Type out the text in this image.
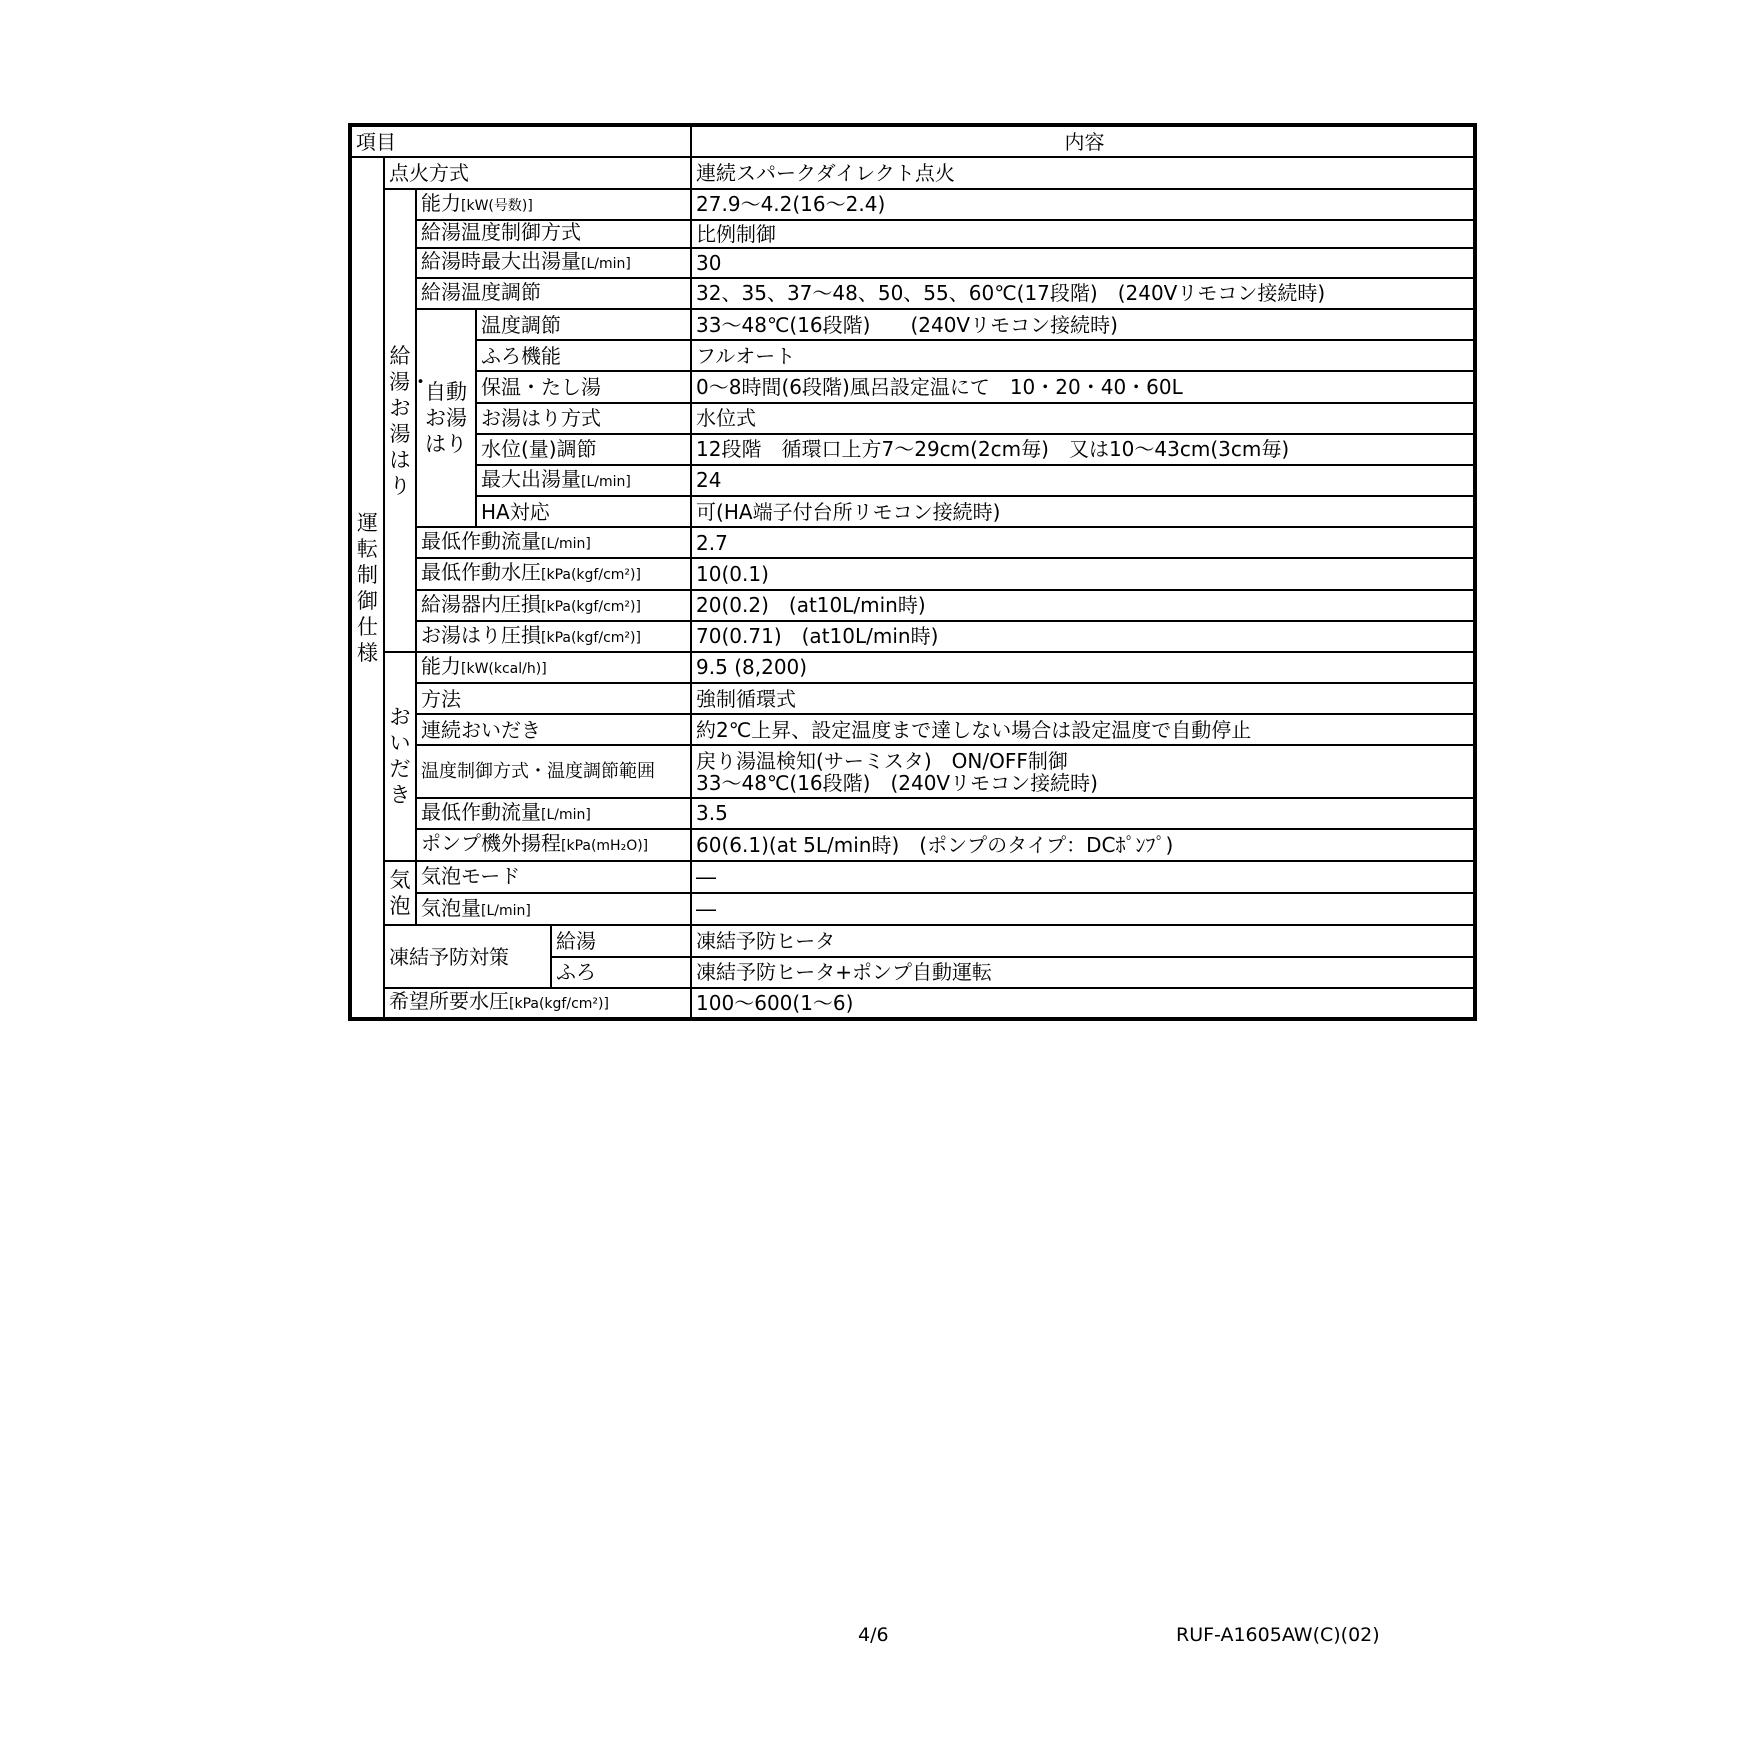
項目					内容

運転制御仕様	点火方式				連続スパークダイレクト点火

	給湯・お湯はり	能力[kW(号数)]			27.9～4.2(16～2.4)
		給湯温度制御方式			比例制御
		給湯時最大出湯量[L/min]			30
		給湯温度調節			32、35、37～48、50、55、60℃(17段階)　(240Vリモコン接続時)

		自動お湯はり	温度調節		33～48℃(16段階)　　(240Vリモコン接続時)
			ふろ機能		フルオート
			保温・たし湯		0～8時間(6段階)風呂設定温にて　10・20・40・60L
			お湯はり方式		水位式
			水位(量)調節		12段階　循環口上方7～29cm(2cm毎)　又は10～43cm(3cm毎)
			最大出湯量[L/min]		24
			HA対応		可(HA端子付台所リモコン接続時)
		最低作動流量[L/min]			2.7
		最低作動水圧[kPa(kgf/cm²)]			10(0.1)
		給湯器内圧損[kPa(kgf/cm²)]			20(0.2)　(at10L/min時)
		お湯はり圧損[kPa(kgf/cm²)]			70(0.71)　(at10L/min時)

	おいだき	能力[kW(kcal/h)]			9.5 (8,200)
		方法			強制循環式
		連続おいだき			約2℃上昇、設定温度まで達しない場合は設定温度で自動停止
		温度制御方式・温度調節範囲			戻り湯温検知(サーミスタ)　ON/OFF制御
33～48℃(16段階)　(240Vリモコン接続時)

		最低作動流量[L/min]			3.5
		ポンプ機外揚程[kPa(mH₂O)]			60(6.1)(at 5L/min時)　(ポンプのタイプ：DCﾎﾟﾝﾌﾟ)

	気泡	気泡モード			―
		気泡量[L/min]			―
	凍結予防対策			給湯	凍結予防ヒータ
				ふろ	凍結予防ヒータ+ポンプ自動運転
	希望所要水圧[kPa(kgf/cm²)]				100～600(1～6)
4/6	RUF-A1605AW(C)(02)
